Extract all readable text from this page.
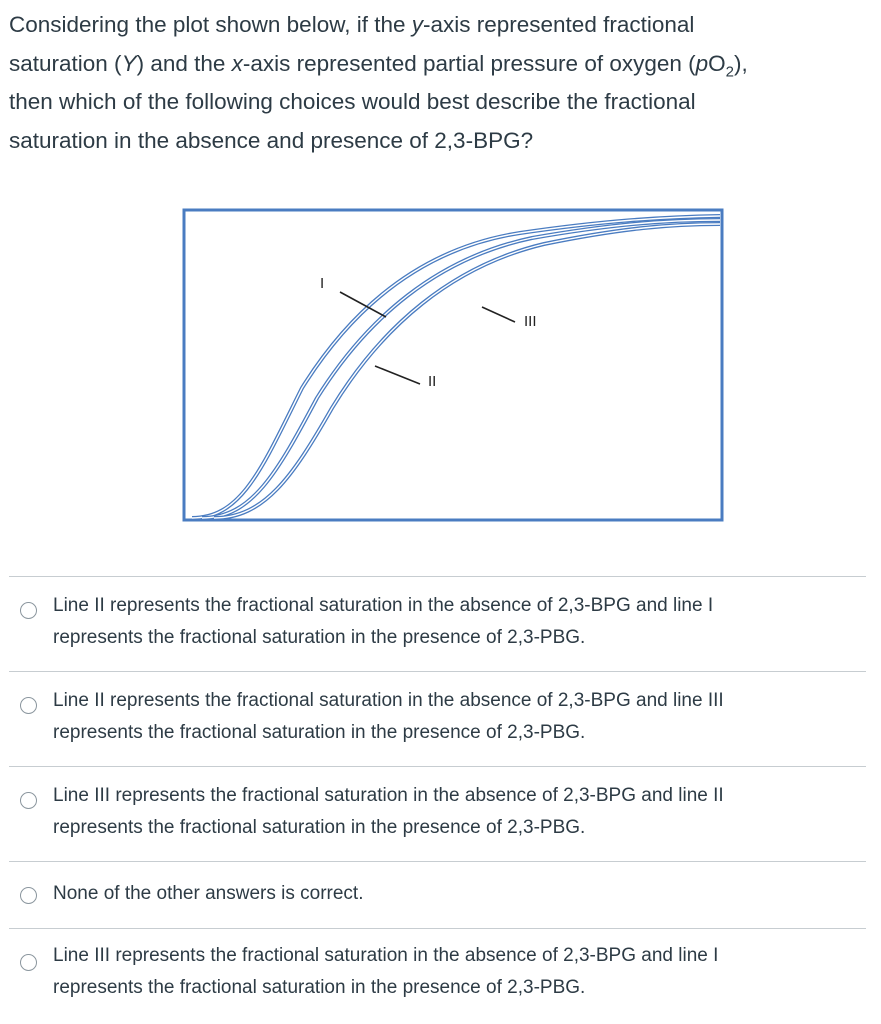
Considering the plot shown below, if the y-axis represented fractional
saturation (Y) and the x-axis represented partial pressure of oxygen $(pO_2)$,
then which of the following choices would best describe the fractional
saturation in the absence and presence of 2,3-BPG?
I
II
III
Line II represents the fractional saturation in the absence of 2,3-BPG and line I
represents the fractional saturation in the presence of 2,3-PBG.
Line II represents the fractional saturation in the absence of 2,3-BPG and line III
represents the fractional saturation in the presence of 2,3-PBG.
Line III represents the fractional saturation in the absence of 2,3-BPG and line II
represents the fractional saturation in the presence of 2,3-PBG.
None of the other answers is correct.
Line III represents the fractional saturation in the absence of 2,3-BPG and line I
represents the fractional saturation in the presence of 2,3-PBG.
